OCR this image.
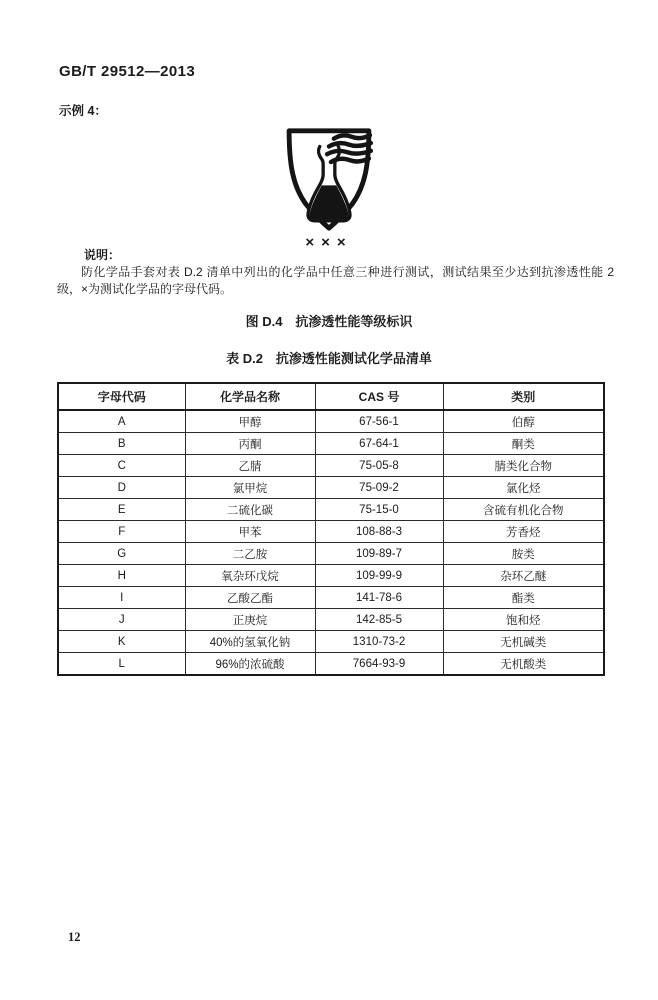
GB/T 29512—2013
示例 4：
×××
说明：
防化学品手套对表 D.2 清单中列出的化学品中任意三种进行测试，测试结果至少达到抗渗透性能 2 级，×为测试化学品的字母代码。
图 D.4　抗渗透性能等级标识
表 D.2　抗渗透性能测试化学品清单
字母代码	化学品名称	CAS 号	类别
A	甲醇	67-56-1	伯醇
B	丙酮	67-64-1	酮类
C	乙腈	75-05-8	腈类化合物
D	氯甲烷	75-09-2	氯化烃
E	二硫化碳	75-15-0	含硫有机化合物
F	甲苯	108-88-3	芳香烃
G	二乙胺	109-89-7	胺类
H	氧杂环戊烷	109-99-9	杂环乙醚
I	乙酸乙酯	141-78-6	酯类
J	正庚烷	142-85-5	饱和烃
K	40%的氢氧化钠	1310-73-2	无机碱类
L	96%的浓硫酸	7664-93-9	无机酸类
12
